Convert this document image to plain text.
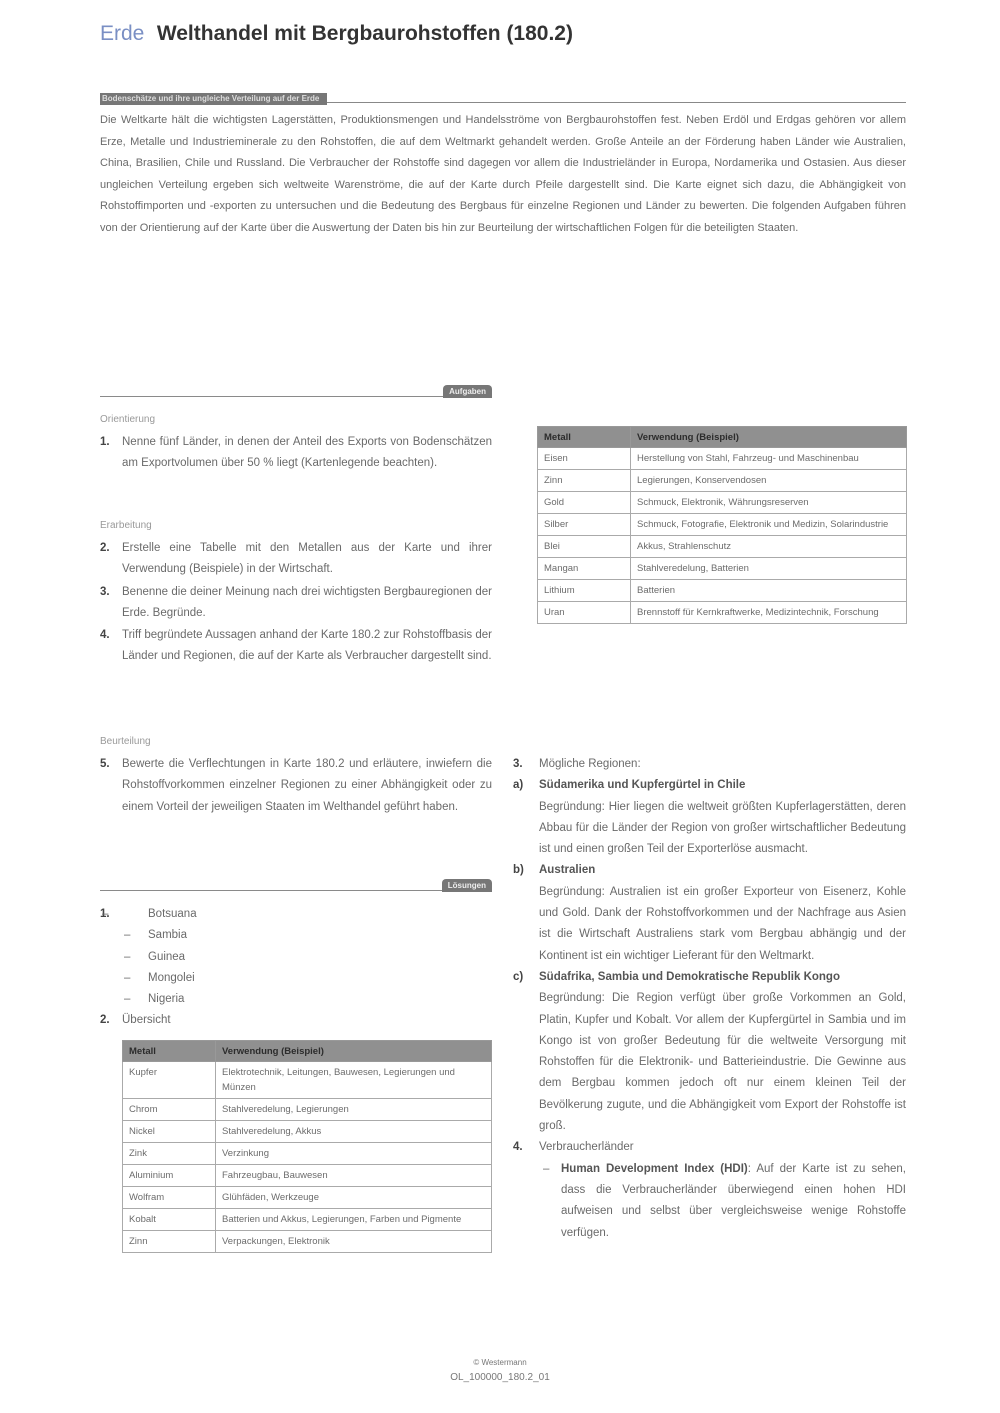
Erde Welthandel mit Bergbaurohstoffen (180.2)
Bodenschätze und ihre ungleiche Verteilung auf der Erde
Die Weltkarte hält die wichtigsten Lagerstätten, Produktionsmengen und Handelsströme von Bergbaurohstoffen fest. Neben Erdöl und Erdgas gehören vor allem Erze, Metalle und Industrieminerale zu den Rohstoffen, die auf dem Weltmarkt gehandelt werden. Große Anteile an der Förderung haben Länder wie Australien, China, Brasilien, Chile und Russland. Die Verbraucher der Rohstoffe sind dagegen vor allem die Industrieländer in Europa, Nordamerika und Ostasien. Aus dieser ungleichen Verteilung ergeben sich weltweite Warenströme, die auf der Karte durch Pfeile dargestellt sind. Die Karte eignet sich dazu, die Abhängigkeit von Rohstoffimporten und -exporten zu untersuchen und die Bedeutung des Bergbaus für einzelne Regionen und Länder zu bewerten. Die folgenden Aufgaben führen von der Orientierung auf der Karte über die Auswertung der Daten bis hin zur Beurteilung der wirtschaftlichen Folgen für die beteiligten Staaten.
Aufgaben
Orientierung
1. Nenne fünf Länder, in denen der Anteil des Exports von Bodenschätzen am Exportvolumen über 50 % liegt (Kartenlegende beachten).
Erarbeitung
2. Erstelle eine Tabelle mit den Metallen aus der Karte und ihrer Verwendung (Beispiele) in der Wirtschaft.
3. Benenne die deiner Meinung nach drei wichtigsten Bergbauregionen der Erde. Begründe.
4. Triff begründete Aussagen anhand der Karte 180.2 zur Rohstoffbasis der Länder und Regionen, die auf der Karte als Verbraucher dargestellt sind.
Beurteilung
5. Bewerte die Verflechtungen in Karte 180.2 und erläutere, inwiefern die Rohstoffvorkommen einzelner Regionen zu einer Abhängigkeit oder zu einem Vorteil der jeweiligen Staaten im Welthandel geführt haben.
Lösungen
1.	– Botsuana
– Sambia
– Guinea
– Mongolei
– Nigeria
2. Übersicht
Metall	Verwendung (Beispiel)
Kupfer	Elektrotechnik, Leitungen, Bauwesen, Legierungen und Münzen
Chrom	Stahlveredelung, Legierungen
Nickel	Stahlveredelung, Akkus
Zink	Verzinkung
Aluminium	Fahrzeugbau, Bauwesen
Wolfram	Glühfäden, Werkzeuge
Kobalt	Batterien und Akkus, Legierungen, Farben und Pigmente
Zinn	Verpackungen, Elektronik
Metall	Verwendung (Beispiel)
Eisen	Herstellung von Stahl, Fahrzeug- und Maschinenbau
Zinn	Legierungen, Konservendosen
Gold	Schmuck, Elektronik, Währungsreserven
Silber	Schmuck, Fotografie, Elektronik und Medizin, Solarindustrie
Blei	Akkus, Strahlenschutz
Mangan	Stahlveredelung, Batterien
Lithium	Batterien
Uran	Brennstoff für Kernkraftwerke, Medizintechnik, Forschung
3. Mögliche Regionen:
a) Südamerika und Kupfergürtel in Chile
Begründung: Hier liegen die weltweit größten Kupferlagerstätten, deren Abbau für die Länder der Region von großer wirtschaftlicher Bedeutung ist und einen großen Teil der Exporterlöse ausmacht.
b) Australien
Begründung: Australien ist ein großer Exporteur von Eisenerz, Kohle und Gold. Dank der Rohstoffvorkommen und der Nachfrage aus Asien ist die Wirtschaft Australiens stark vom Bergbau abhängig und der Kontinent ist ein wichtiger Lieferant für den Weltmarkt.
c) Südafrika, Sambia und Demokratische Republik Kongo
Begründung: Die Region verfügt über große Vorkommen an Gold, Platin, Kupfer und Kobalt. Vor allem der Kupfergürtel in Sambia und im Kongo ist von großer Bedeutung für die weltweite Versorgung mit Rohstoffen für die Elektronik- und Batterieindustrie. Die Gewinne aus dem Bergbau kommen jedoch oft nur einem kleinen Teil der Bevölkerung zugute, und die Abhängigkeit vom Export der Rohstoffe ist groß.
4. Verbraucherländer
– Human Development Index (HDI): Auf der Karte ist zu sehen, dass die Verbraucherländer überwiegend einen hohen HDI aufweisen und selbst über vergleichsweise wenige Rohstoffe verfügen.
© Westermann
OL_100000_180.2_01
